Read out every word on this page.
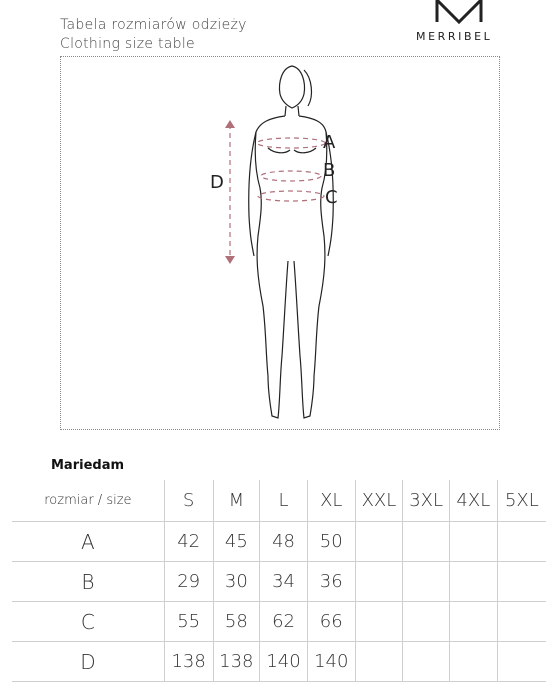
Tabela rozmiarów odzieży
Clothing size table	MERRIBEL
A
B
C
D
Mariedam
rozmiar / size	S	M	L	XL	XXL	3XL	4XL	5XL
A	42	45	48	50				
B	29	30	34	36				
C	55	58	62	66				
D	138	138	140	140				
